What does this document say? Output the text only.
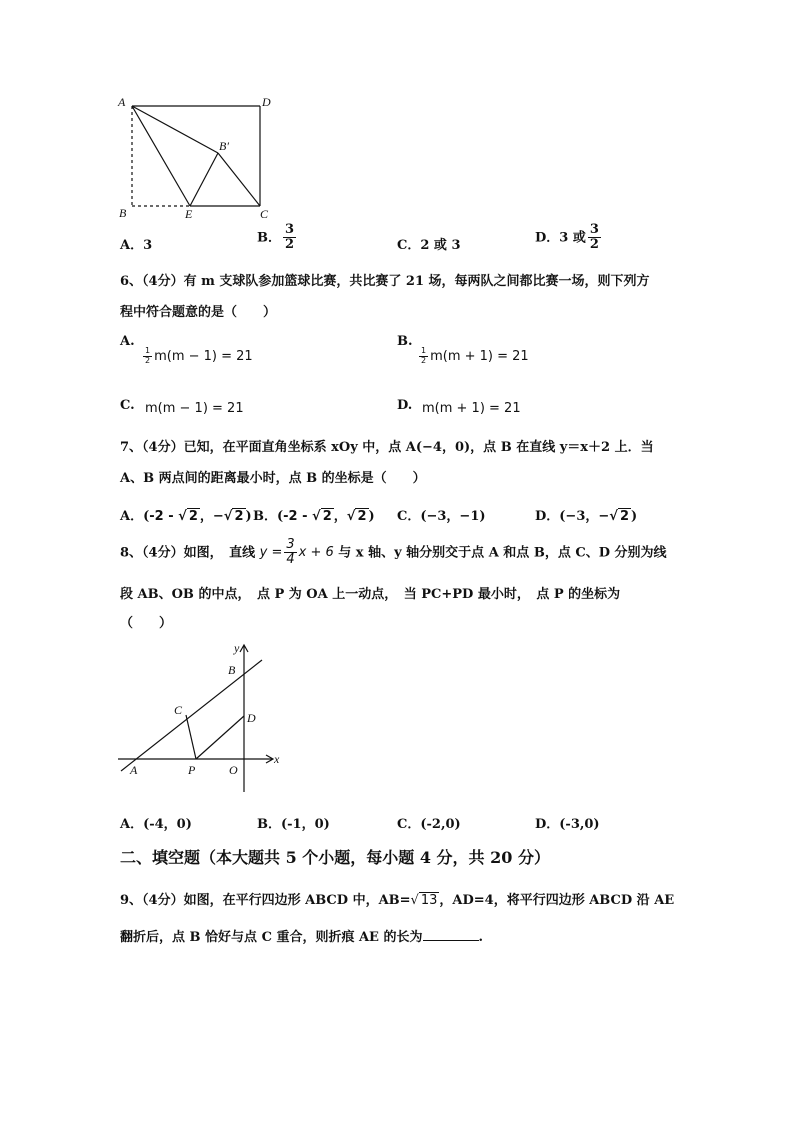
A	D
B′
B	E	C
A．3
B． $\frac{3}{2}$	C．2 或 3
D．3 或 $\frac{3}{2}$
6、（4分）有 m 支球队参加篮球比赛，共比赛了 21 场，每两队之间都比赛一场，则下列方
程中符合题意的是（　　）
A.
$\frac{1}{2} m(m - 1) = 21$
B.
$\frac{1}{2} m(m + 1) = 21$
C. m(m − 1) = 21	D. m(m + 1) = 21
7、（4分）已知，在平面直角坐标系 xOy 中，点 A(−4，0)，点 B 在直线 y＝x＋2 上．当
A、B 两点间的距离最小时，点 B 的坐标是（　　）
A．(-2 - √ 2 ，−√ 2 ) B．(-2 - √ 2 ，√ 2 ) C．(−3，−1)	D．(−3，−√ 2 )
8、（4分）如图，　直线 $y = \frac{3}{4}$ x + 6 与 x 轴、y 轴分别交于点 A 和点 B，点 C、D 分别为线
段 AB、OB 的中点，　点 P 为 OA 上一动点，　当 PC+PD 最小时，　点 P 的坐标为
（　　）
y
x
B
C
D
A	P	O
A．(-4，0)	B．(-1，0)	C．(-2,0)	D．(-3,0)
二、填空题（本大题共 5 个小题，每小题 4 分，共 20 分）
9、（4分）如图，在平行四边形 ABCD 中，AB=√ 13 ，AD=4，将平行四边形 ABCD 沿 AE
翻折后，点 B 恰好与点 C 重合，则折痕 AE 的长为	.
